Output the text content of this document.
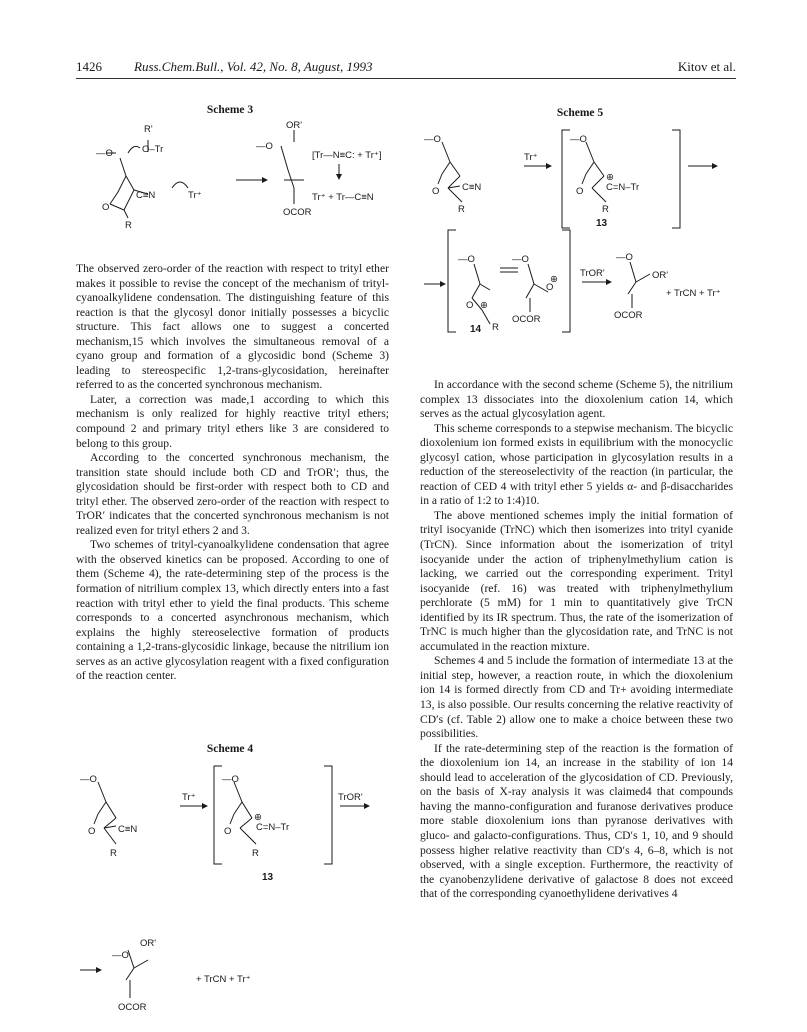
1426 Russ.Chem.Bull., Vol. 42, No. 8, August, 1993	Kitov et al.
Scheme 3
R'
O–Tr
—O
C≡N	Tr⁺
O
R
OR'
—O
OCOR
[Tr—N≡C: + Tr⁺]
Tr⁺ + Tr—C≡N
Scheme 5
—O
C≡N
O
R
Tr⁺
—O
⊕
C=N–Tr
O
R
13
—O	—O
O
O ⊕
⊕
OCOR
R
14
TrOR'
—O
OR'
OCOR
+ TrCN + Tr⁺

The observed zero-order of the reaction with respect to trityl ether makes it possible to revise the concept of the mechanism of trityl-cyanoalkylidene condensation. The distinguishing feature of this reaction is that the glycosyl donor initially possesses a bicyclic structure. This fact allows one to suggest a concerted mechanism,15 which involves the simultaneous removal of a cyano group and formation of a glycosidic bond (Scheme 3) leading to stereospecific 1,2-trans-glycosidation, hereinafter referred to as the concerted synchronous mechanism.

Later, a correction was made,1 according to which this mechanism is only realized for highly reactive trityl ethers; compound 2 and primary trityl ethers like 3 are considered to belong to this group.

According to the concerted synchronous mechanism, the transition state should include both CD and TrOR′; thus, the glycosidation should be first-order with respect both to CD and trityl ether. The observed zero-order of the reaction with respect to TrOR′ indicates that the concerted synchronous mechanism is not realized even for trityl ethers 2 and 3.

Two schemes of trityl-cyanoalkylidene condensation that agree with the observed kinetics can be proposed. According to one of them (Scheme 4), the rate-determining step of the process is the formation of nitrilium complex 13, which directly enters into a fast reaction with trityl ether to yield the final products. This scheme corresponds to a concerted asynchronous mechanism, which explains the highly stereoselective formation of products containing a 1,2-trans-glycosidic linkage, because the nitrilium ion serves as an active glycosylation reagent with a fixed configuration of the reaction center.

Scheme 4
—O
C≡N
O
R
Tr⁺
—O
⊕
C=N–Tr
O
R
13
TrOR'
OR'
—O
OCOR
+ TrCN + Tr⁺

In accordance with the second scheme (Scheme 5), the nitrilium complex 13 dissociates into the dioxolenium cation 14, which serves as the actual glycosylation agent.

This scheme corresponds to a stepwise mechanism. The bicyclic dioxolenium ion formed exists in equilibrium with the monocyclic glycosyl cation, whose participation in glycosylation results in a reduction of the stereoselectivity of the reaction (in particular, the reaction of CED 4 with trityl ether 5 yields α- and β-disaccharides in a ratio of 1:2 to 1:4)10.

The above mentioned schemes imply the initial formation of trityl isocyanide (TrNC) which then isomerizes into trityl cyanide (TrCN). Since information about the isomerization of trityl isocyanide under the action of triphenylmethylium cation is lacking, we carried out the corresponding experiment. Trityl isocyanide (ref. 16) was treated with triphenylmethylium perchlorate (5 mM) for 1 min to quantitatively give TrCN identified by its IR spectrum. Thus, the rate of the isomerization of TrNC is much higher than the glycosidation rate, and TrNC is not accumulated in the reaction mixture.

Schemes 4 and 5 include the formation of intermediate 13 at the initial step, however, a reaction route, in which the dioxolenium ion 14 is formed directly from CD and Tr+ avoiding intermediate 13, is also possible. Our results concerning the relative reactivity of CD′s (cf. Table 2) allow one to make a choice between these two possibilities.

If the rate-determining step of the reaction is the formation of the dioxolenium ion 14, an increase in the stability of ion 14 should lead to acceleration of the glycosidation of CD. Previously, on the basis of X-ray analysis it was claimed4 that compounds having the manno-configuration and furanose derivatives produce more stable dioxolenium ions than pyranose derivatives with gluco- and galacto-configurations. Thus, CD′s 1, 10, and 9 should possess higher relative reactivity than CD′s 4, 6–8, which is not observed, with a single exception. Furthermore, the reactivity of the cyanobenzylidene derivative of galactose 8 does not exceed that of the corresponding cyanoethylidene derivatives 4
